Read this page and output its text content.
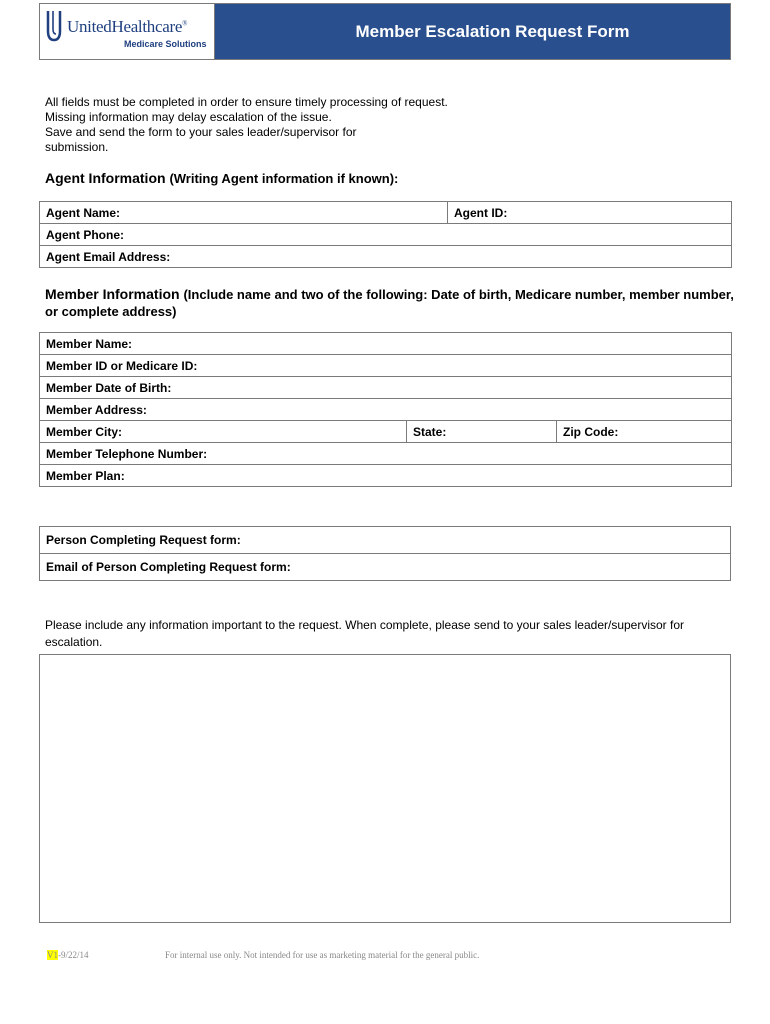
UnitedHealthcare®
Medicare Solutions
Member Escalation Request Form
All fields must be completed in order to ensure timely processing of request.
Missing information may delay escalation of the issue.
Save and send the form to your sales leader/supervisor for
submission.
Agent Information (Writing Agent information if known):
Agent Name:	Agent ID:
Agent Phone:
Agent Email Address:
Member Information (Include name and two of the following: Date of birth, Medicare number, member number, or complete address)
Member Name:
Member ID or Medicare ID:
Member Date of Birth:
Member Address:
Member City:	State:	Zip Code:
Member Telephone Number:
Member Plan:
Person Completing Request form:
Email of Person Completing Request form:
Please include any information important to the request. When complete, please send to your sales leader/supervisor for escalation.
V1-9/22/14	For internal use only. Not intended for use as marketing material for the general public.
